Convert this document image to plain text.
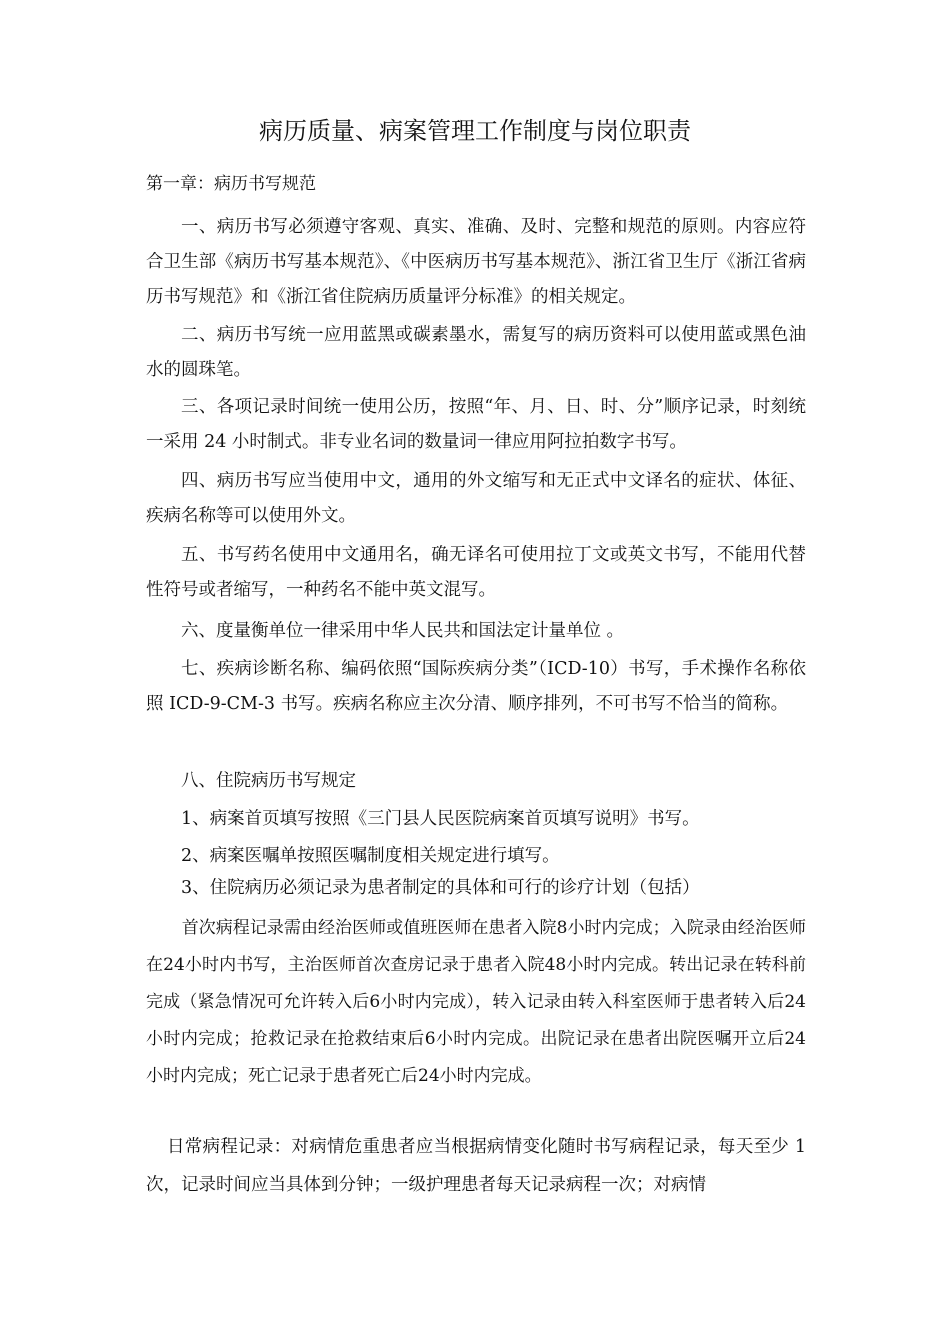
病历质量、病案管理工作制度与岗位职责

第一章：病历书写规范

一、病历书写必须遵守客观、真实、准确、及时、完整和规范的原则。内容应符合卫生部《病历书写基本规范》、《中医病历书写基本规范》、浙江省卫生厅《浙江省病历书写规范》和《浙江省住院病历质量评分标准》的相关规定。

二、病历书写统一应用蓝黑或碳素墨水，需复写的病历资料可以使用蓝或黑色油水的圆珠笔。

三、各项记录时间统一使用公历，按照“年、月、日、时、分”顺序记录，时刻统一采用 24 小时制式。非专业名词的数量词一律应用阿拉拍数字书写。

四、病历书写应当使用中文，通用的外文缩写和无正式中文译名的症状、体征、疾病名称等可以使用外文。

五、书写药名使用中文通用名，确无译名可使用拉丁文或英文书写，不能用代替性符号或者缩写，一种药名不能中英文混写。

六、度量衡单位一律采用中华人民共和国法定计量单位 。

七、疾病诊断名称、编码依照“国际疾病分类”（ICD-10）书写，手术操作名称依照 ICD-9-CM-3 书写。疾病名称应主次分清、顺序排列，不可书写不恰当的简称。

八、住院病历书写规定

1、病案首页填写按照《三门县人民医院病案首页填写说明》书写。

2、病案医嘱单按照医嘱制度相关规定进行填写。

3、住院病历必须记录为患者制定的具体和可行的诊疗计划（包括）

首次病程记录需由经治医师或值班医师在患者入院8小时内完成；入院录由经治医师在24小时内书写，主治医师首次查房记录于患者入院48小时内完成。转出记录在转科前完成（紧急情况可允许转入后6小时内完成），转入记录由转入科室医师于患者转入后24小时内完成；抢救记录在抢救结束后6小时内完成。出院记录在患者出院医嘱开立后24小时内完成；死亡记录于患者死亡后24小时内完成。

日常病程记录：对病情危重患者应当根据病情变化随时书写病程记录，每天至少 1 次，记录时间应当具体到分钟；一级护理患者每天记录病程一次；对病情
